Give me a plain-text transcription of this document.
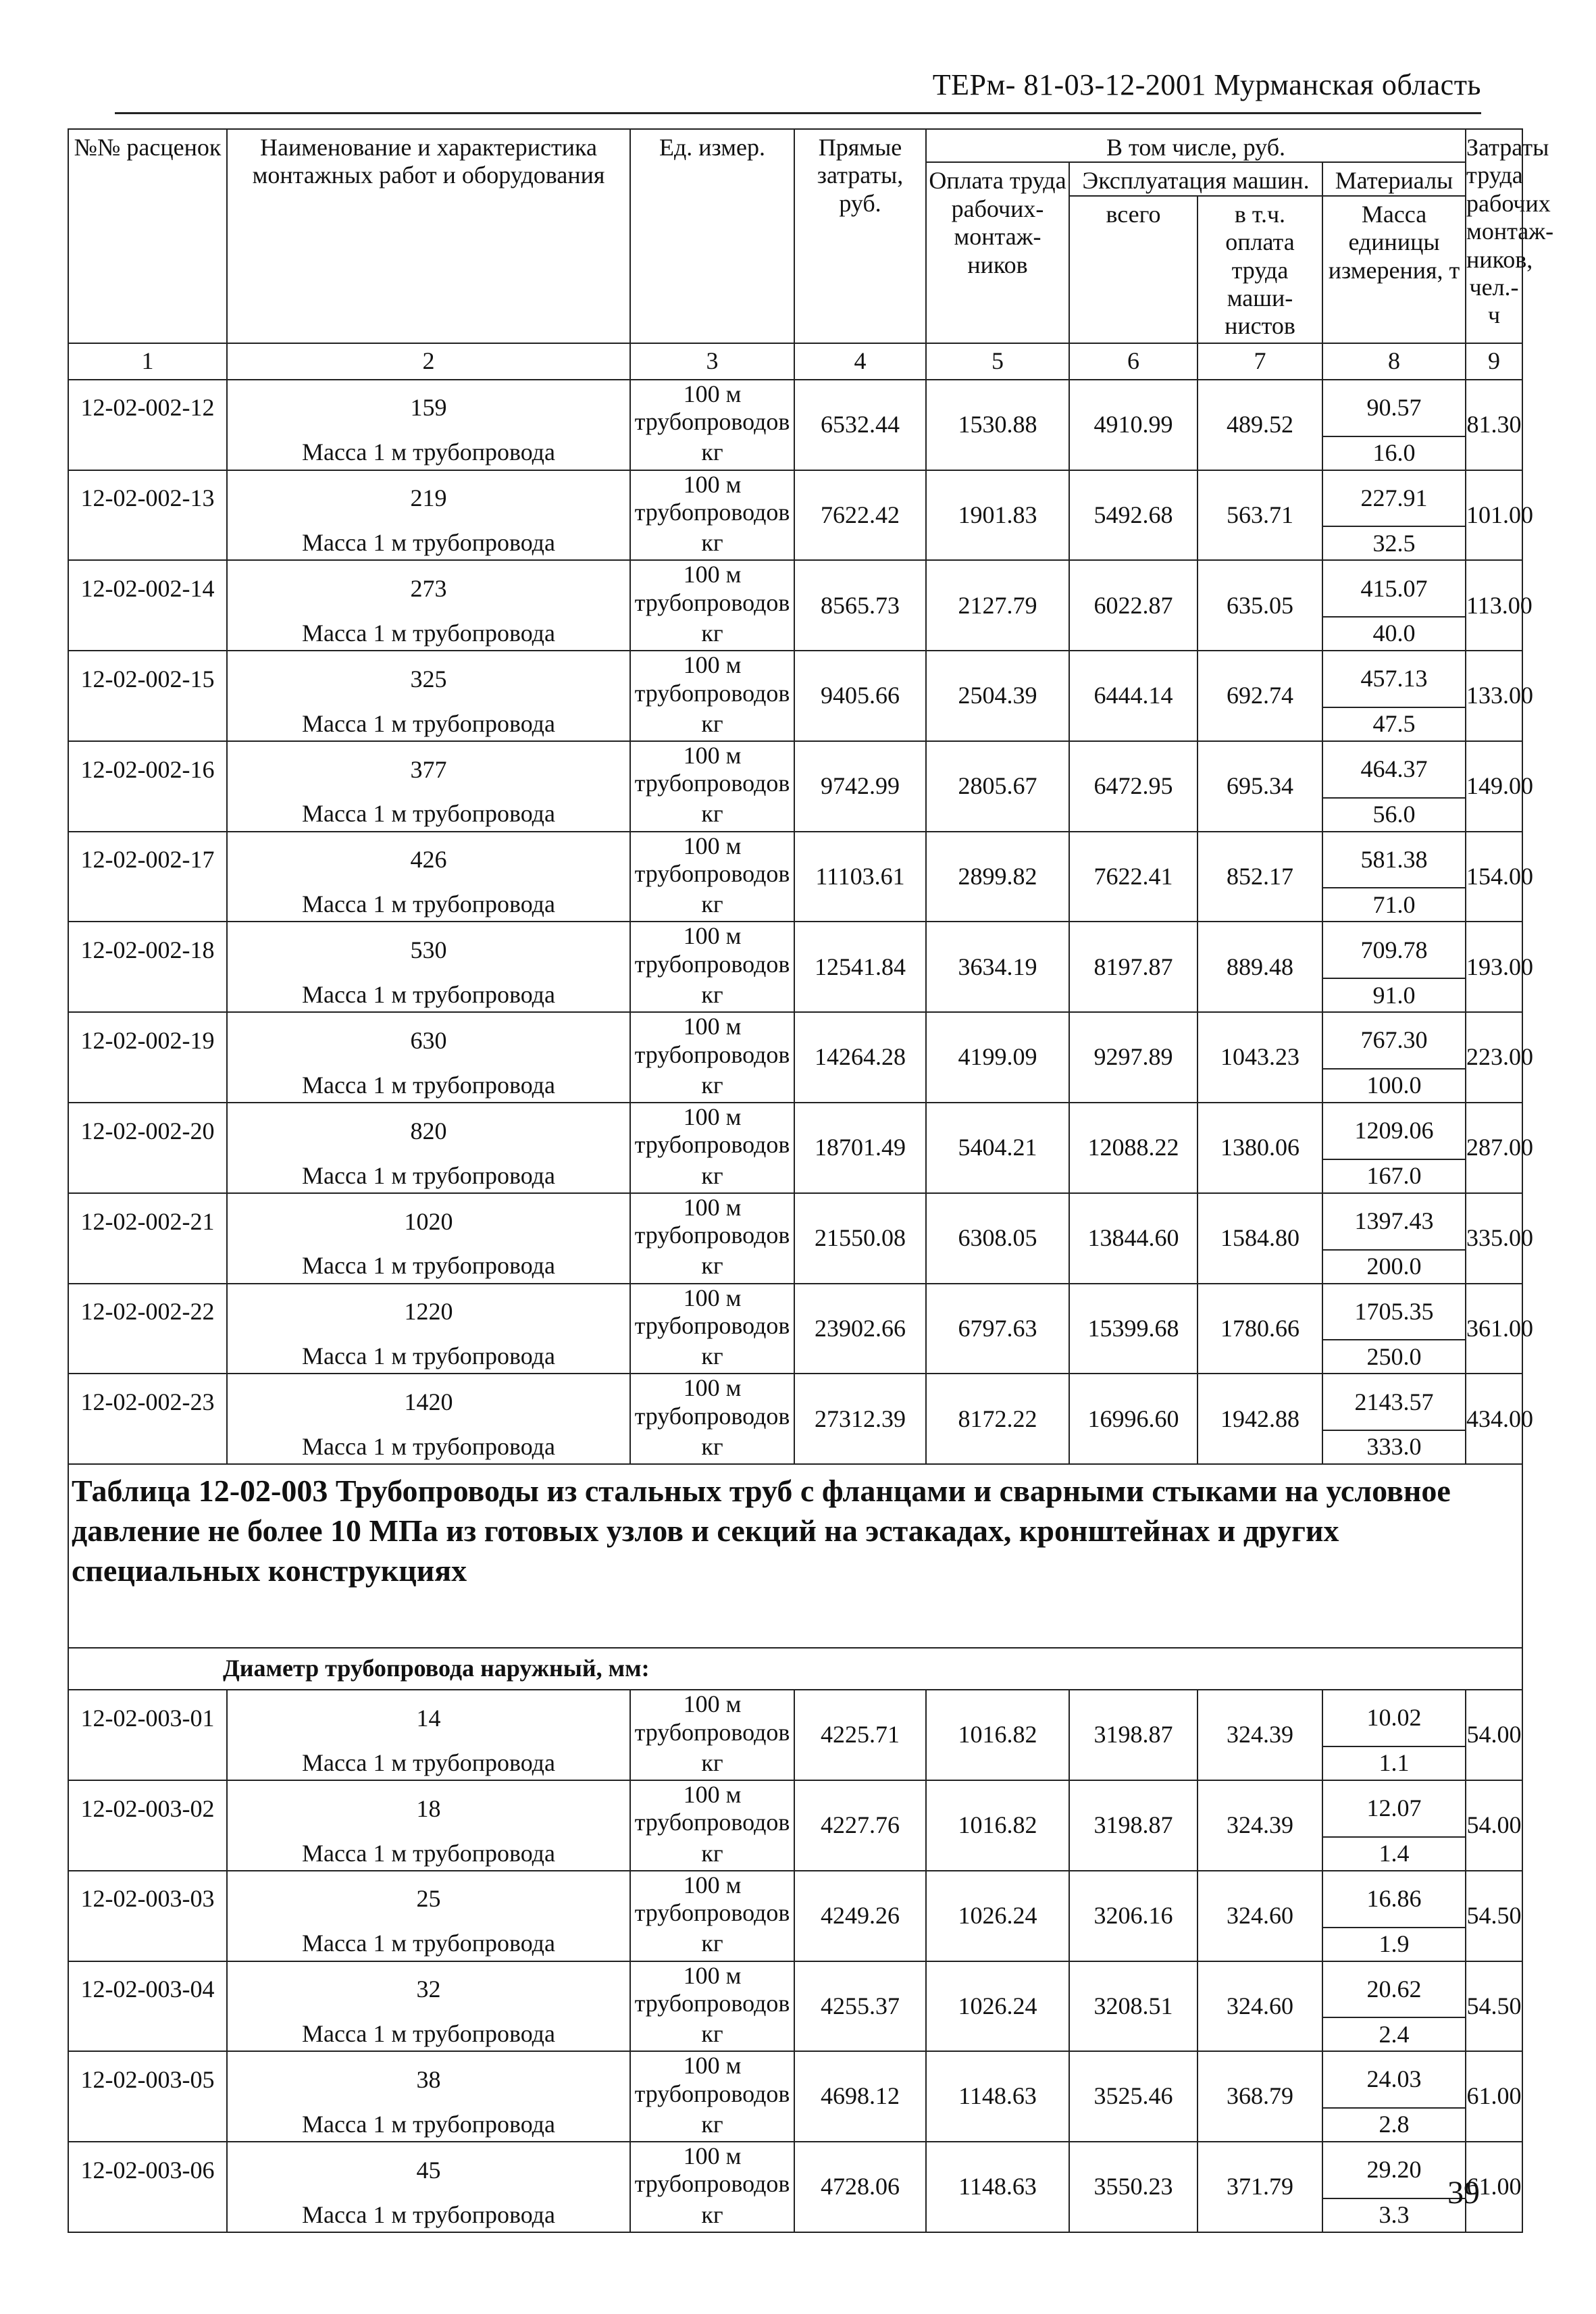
ТЕРм- 81-03-12-2001 Мурманская область
№№ расценок	Наименование и характеристика монтажных работ и оборудования	Ед. измер.	Прямые затраты, руб.	В том числе, руб.				Затраты труда рабочих монтаж-ников, чел.-ч
				Оплата труда рабочих-монтаж-ников	Эксплуатация машин.		Материалы	
					всего	в т.ч. оплата труда маши-нистов	Масса единицы измерения, т	
1	2	3	4	5	6	7	8	9
12-02-002-12	159	100 м трубопроводов	6532.44	1530.88	4910.99	489.52	90.57	81.30
	Масса 1 м трубопровода	кг					16.0	
12-02-002-13	219	100 м трубопроводов	7622.42	1901.83	5492.68	563.71	227.91	101.00
	Масса 1 м трубопровода	кг					32.5	
12-02-002-14	273	100 м трубопроводов	8565.73	2127.79	6022.87	635.05	415.07	113.00
	Масса 1 м трубопровода	кг					40.0	
12-02-002-15	325	100 м трубопроводов	9405.66	2504.39	6444.14	692.74	457.13	133.00
	Масса 1 м трубопровода	кг					47.5	
12-02-002-16	377	100 м трубопроводов	9742.99	2805.67	6472.95	695.34	464.37	149.00
	Масса 1 м трубопровода	кг					56.0	
12-02-002-17	426	100 м трубопроводов	11103.61	2899.82	7622.41	852.17	581.38	154.00
	Масса 1 м трубопровода	кг					71.0	
12-02-002-18	530	100 м трубопроводов	12541.84	3634.19	8197.87	889.48	709.78	193.00
	Масса 1 м трубопровода	кг					91.0	
12-02-002-19	630	100 м трубопроводов	14264.28	4199.09	9297.89	1043.23	767.30	223.00
	Масса 1 м трубопровода	кг					100.0	
12-02-002-20	820	100 м трубопроводов	18701.49	5404.21	12088.22	1380.06	1209.06	287.00
	Масса 1 м трубопровода	кг					167.0	
12-02-002-21	1020	100 м трубопроводов	21550.08	6308.05	13844.60	1584.80	1397.43	335.00
	Масса 1 м трубопровода	кг					200.0	
12-02-002-22	1220	100 м трубопроводов	23902.66	6797.63	15399.68	1780.66	1705.35	361.00
	Масса 1 м трубопровода	кг					250.0	
12-02-002-23	1420	100 м трубопроводов	27312.39	8172.22	16996.60	1942.88	2143.57	434.00
	Масса 1 м трубопровода	кг					333.0	
Таблица 12-02-003 Трубопроводы из стальных труб с фланцами и сварными стыками на условное давление не более 10 МПа из готовых узлов и секций на эстакадах, кронштейнах и других специальных конструкциях								
Диаметр трубопровода наружный, мм:								
12-02-003-01	14	100 м трубопроводов	4225.71	1016.82	3198.87	324.39	10.02	54.00
	Масса 1 м трубопровода	кг					1.1	
12-02-003-02	18	100 м трубопроводов	4227.76	1016.82	3198.87	324.39	12.07	54.00
	Масса 1 м трубопровода	кг					1.4	
12-02-003-03	25	100 м трубопроводов	4249.26	1026.24	3206.16	324.60	16.86	54.50
	Масса 1 м трубопровода	кг					1.9	
12-02-003-04	32	100 м трубопроводов	4255.37	1026.24	3208.51	324.60	20.62	54.50
	Масса 1 м трубопровода	кг					2.4	
12-02-003-05	38	100 м трубопроводов	4698.12	1148.63	3525.46	368.79	24.03	61.00
	Масса 1 м трубопровода	кг					2.8	
12-02-003-06	45	100 м трубопроводов	4728.06	1148.63	3550.23	371.79	29.20	61.00
	Масса 1 м трубопровода	кг					3.3	
39
